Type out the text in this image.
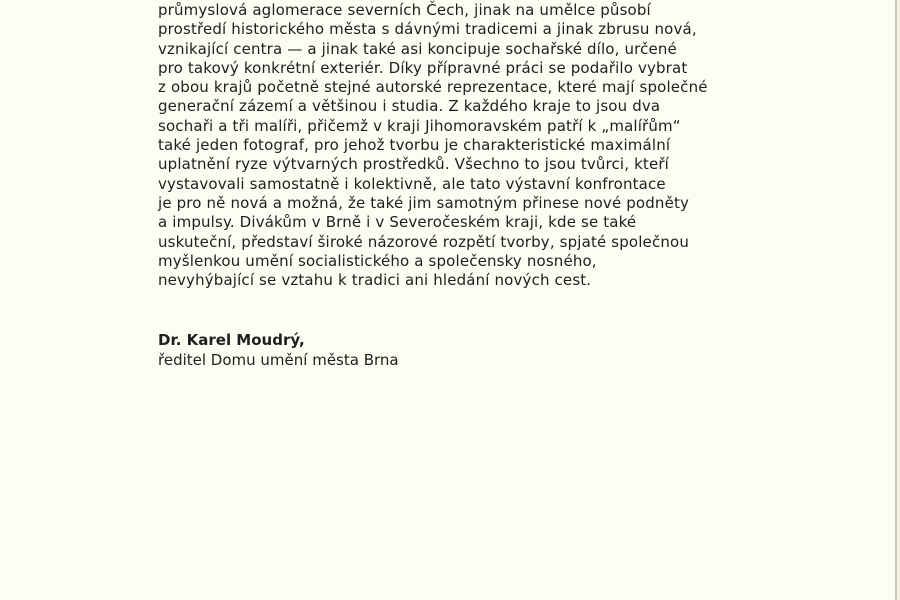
průmyslová aglomerace severních Čech, jinak na umělce působí
prostředí historického města s dávnými tradicemi a jinak zbrusu nová,
vznikající centra — a jinak také asi koncipuje sochařské dílo, určené
pro takový konkrétní exteriér. Díky přípravné práci se podařilo vybrat
z obou krajů početně stejné autorské reprezentace, které mají společné
generační zázemí a většinou i studia. Z každého kraje to jsou dva
sochaři a tři malíři, přičemž v kraji Jihomoravském patří k „malířům“
také jeden fotograf, pro jehož tvorbu je charakteristické maximální
uplatnění ryze výtvarných prostředků. Všechno to jsou tvůrci, kteří
vystavovali samostatně i kolektivně, ale tato výstavní konfrontace
je pro ně nová a možná, že také jim samotným přinese nové podněty
a impulsy. Divákům v Brně i v Severočeském kraji, kde se také
uskuteční, představí široké názorové rozpětí tvorby, spjaté společnou
myšlenkou umění socialistického a společensky nosného,
nevyhýbající se vztahu k tradici ani hledání nových cest.
Dr. Karel Moudrý,
ředitel Domu umění města Brna
